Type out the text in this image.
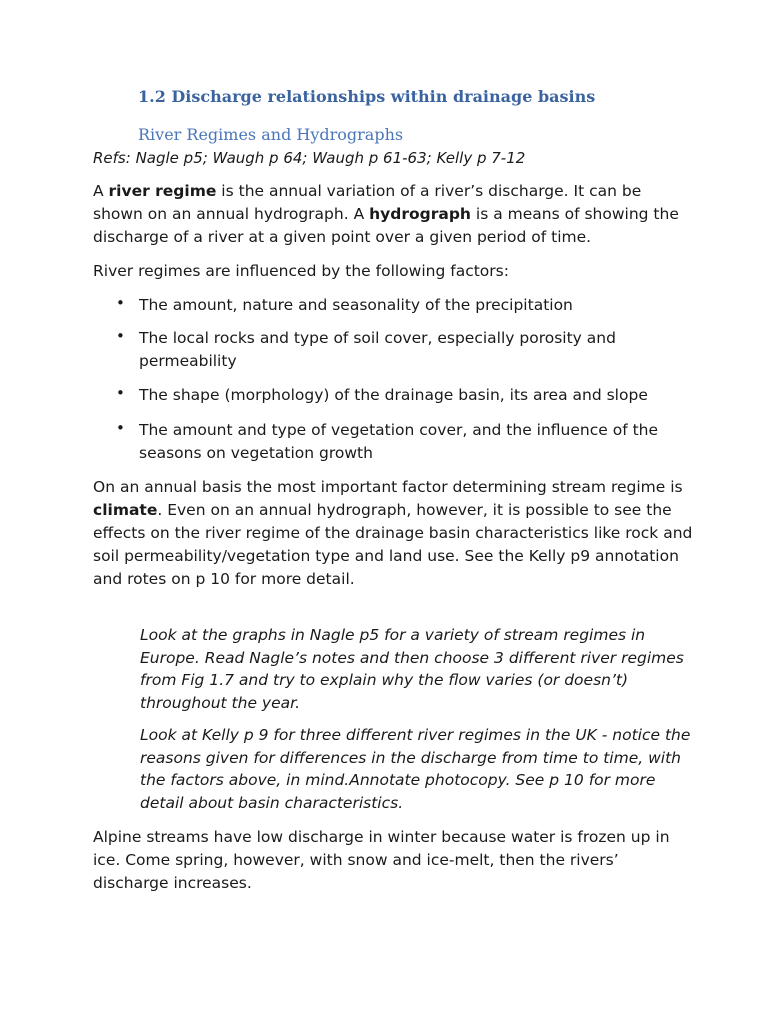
1.2 Discharge relationships within drainage basins
River Regimes and Hydrographs
Refs: Nagle p5; Waugh p 64; Waugh p 61-63; Kelly p 7-12
A river regime is the annual variation of a river’s discharge. It can be shown on an annual hydrograph. A hydrograph is a means of showing the discharge of a river at a given point over a given period of time.
River regimes are influenced by the following factors:
• The amount, nature and seasonality of the precipitation
• The local rocks and type of soil cover, especially porosity and permeability
• The shape (morphology) of the drainage basin, its area and slope
• The amount and type of vegetation cover, and the influence of the seasons on vegetation growth
On an annual basis the most important factor determining stream regime is climate. Even on an annual hydrograph, however, it is possible to see the effects on the river regime of the drainage basin characteristics like rock and soil permeability/vegetation type and land use. See the Kelly p9 annotation and rotes on p 10 for more detail.
Look at the graphs in Nagle p5 for a variety of stream regimes in Europe. Read Nagle’s notes and then choose 3 different river regimes from Fig 1.7 and try to explain why the flow varies (or doesn’t) throughout the year.
Look at Kelly p 9 for three different river regimes in the UK - notice the reasons given for differences in the discharge from time to time, with the factors above, in mind.Annotate photocopy. See p 10 for more detail about basin characteristics.
Alpine streams have low discharge in winter because water is frozen up in ice. Come spring, however, with snow and ice-melt, then the rivers’ discharge increases.
